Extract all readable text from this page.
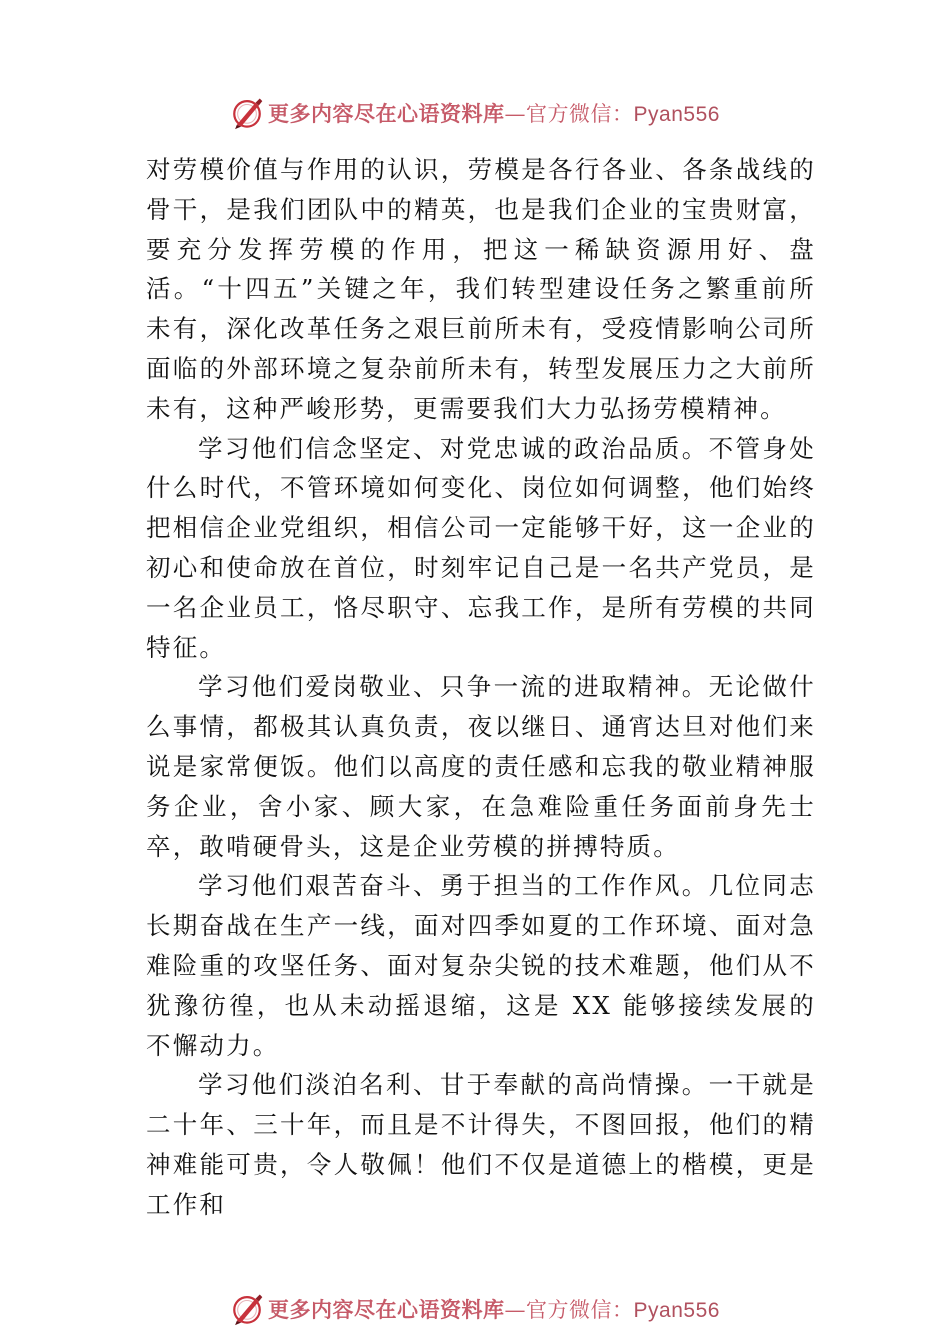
更多内容尽在心语资料库—官方微信：Pyan556

对劳模价值与作用的认识，劳模是各行各业、各条战线的骨干，是我们团队中的精英，也是我们企业的宝贵财富，要充分发挥劳模的作用，把这一稀缺资源用好、盘活。“十四五”关键之年，我们转型建设任务之繁重前所未有，深化改革任务之艰巨前所未有，受疫情影响公司所面临的外部环境之复杂前所未有，转型发展压力之大前所未有，这种严峻形势，更需要我们大力弘扬劳模精神。

学习他们信念坚定、对党忠诚的政治品质。不管身处什么时代，不管环境如何变化、岗位如何调整，他们始终把相信企业党组织，相信公司一定能够干好，这一企业的初心和使命放在首位，时刻牢记自己是一名共产党员，是一名企业员工，恪尽职守、忘我工作，是所有劳模的共同特征。

学习他们爱岗敬业、只争一流的进取精神。无论做什么事情，都极其认真负责，夜以继日、通宵达旦对他们来说是家常便饭。他们以高度的责任感和忘我的敬业精神服务企业，舍小家、顾大家，在急难险重任务面前身先士卒，敢啃硬骨头，这是企业劳模的拼搏特质。

学习他们艰苦奋斗、勇于担当的工作作风。几位同志长期奋战在生产一线，面对四季如夏的工作环境、面对急难险重的攻坚任务、面对复杂尖锐的技术难题，他们从不犹豫彷徨，也从未动摇退缩，这是 XX 能够接续发展的不懈动力。

学习他们淡泊名利、甘于奉献的高尚情操。一干就是二十年、三十年，而且是不计得失，不图回报，他们的精神难能可贵，令人敬佩！他们不仅是道德上的楷模，更是工作和

更多内容尽在心语资料库—官方微信：Pyan556
